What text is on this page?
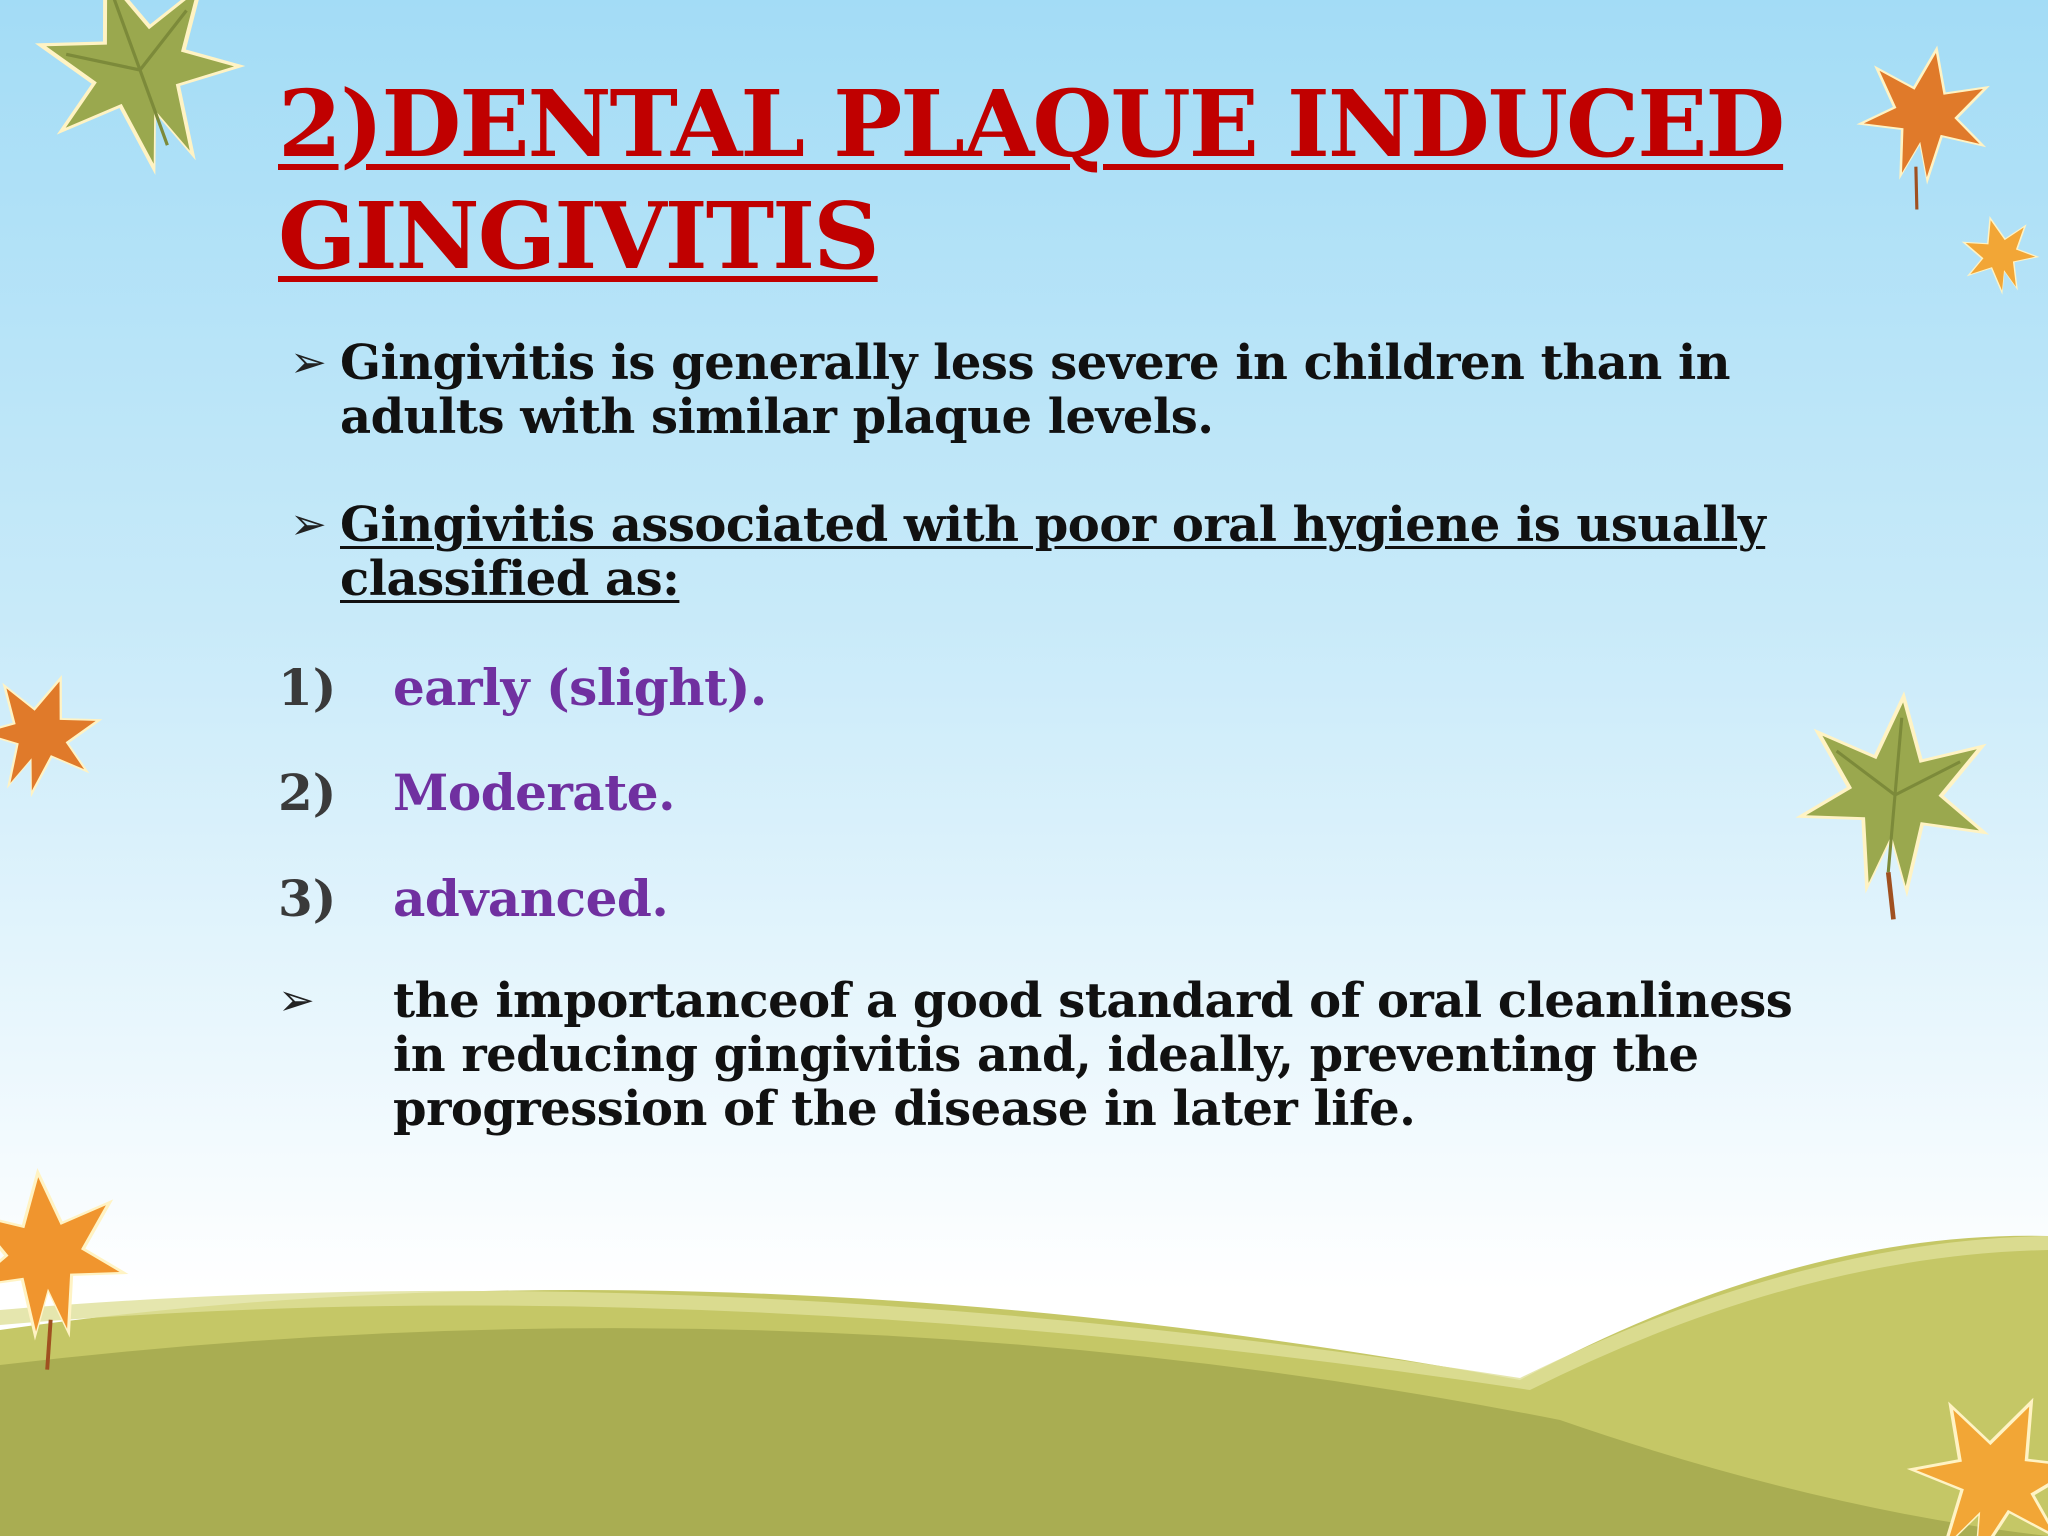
2)DENTAL PLAQUE INDUCED GINGIVITIS
➢ Gingivitis is generally less severe in children than in adults with similar plaque levels.
➢ Gingivitis associated with poor oral hygiene is usually classified as:
1)	early (slight).
2)	Moderate.
3)	advanced.
➢	the importanceof a good standard of oral cleanliness in reducing gingivitis and, ideally, preventing the progression of the disease in later life.
